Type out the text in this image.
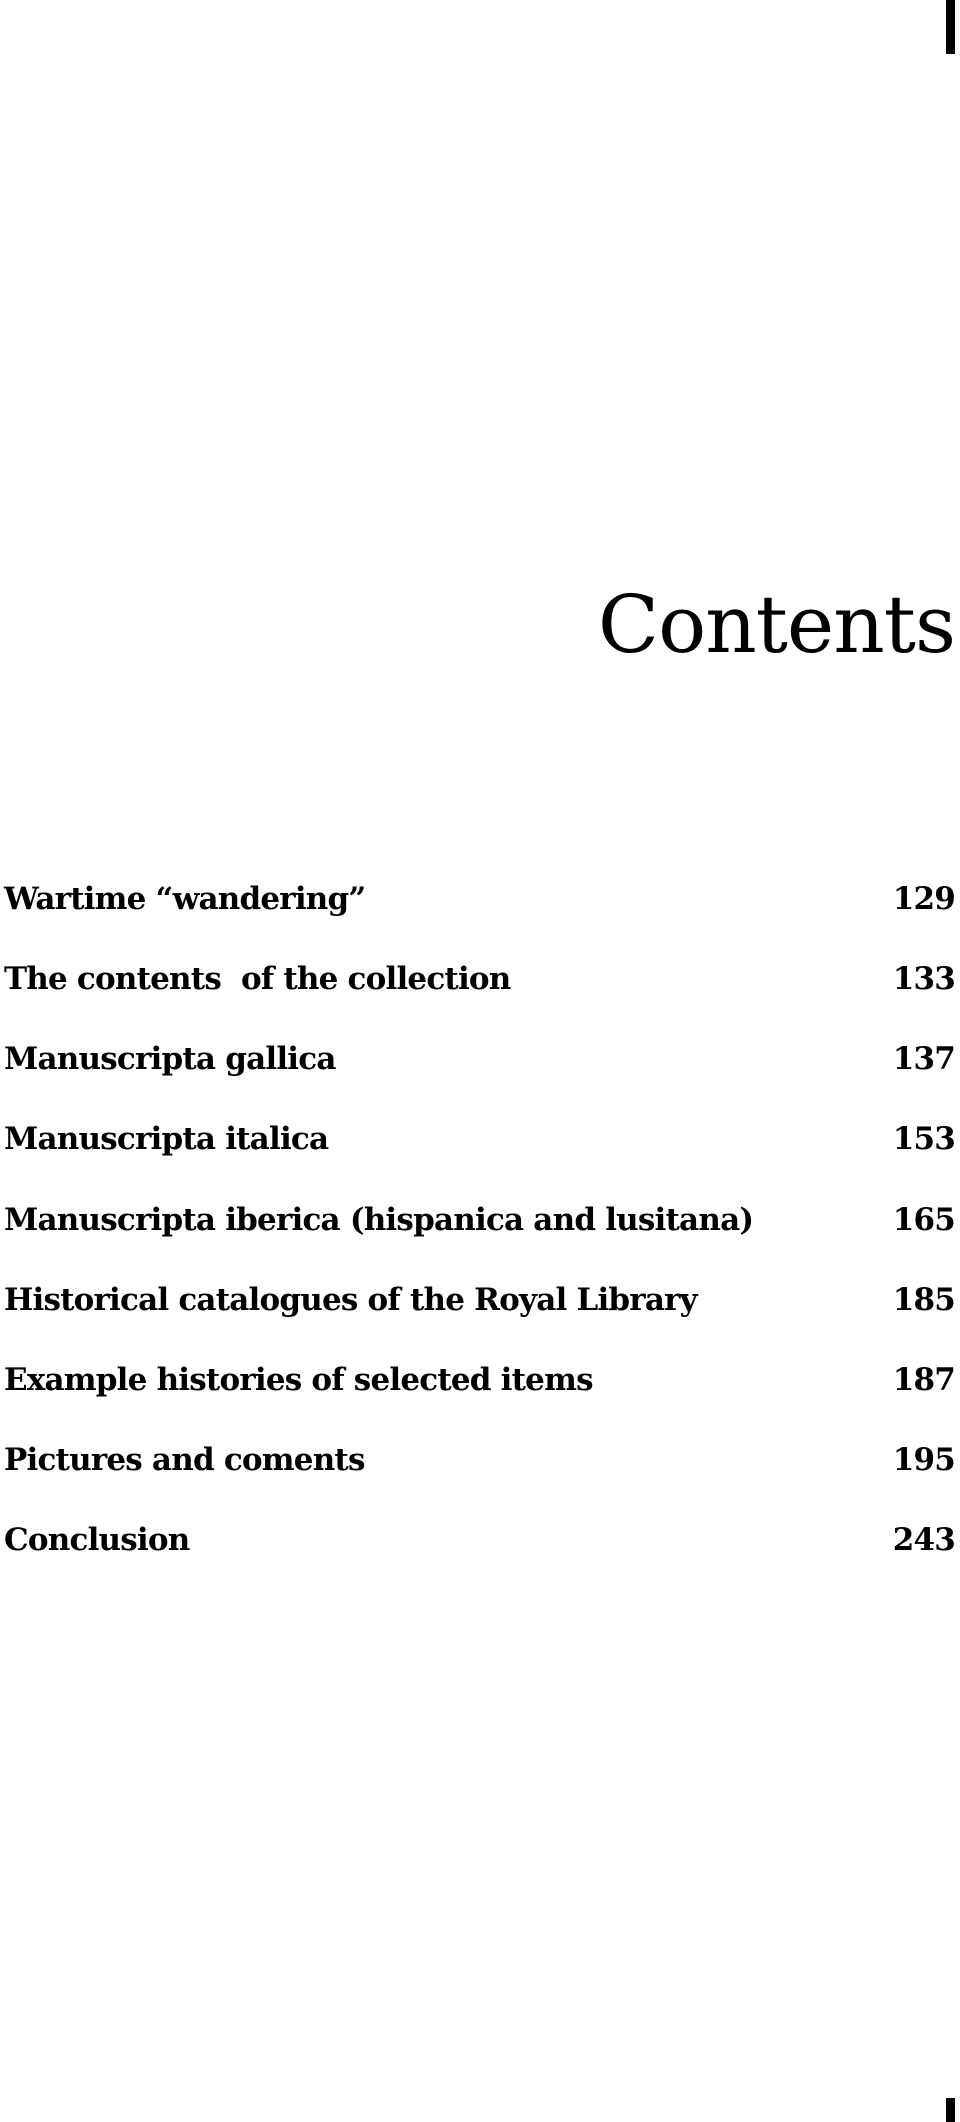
Contents
Wartime “wandering”	129
The contents  of the collection	133
Manuscripta gallica	137
Manuscripta italica	153
Manuscripta iberica (hispanica and lusitana)	165
Historical catalogues of the Royal Library	185
Example histories of selected items	187
Pictures and coments	195
Conclusion	243
